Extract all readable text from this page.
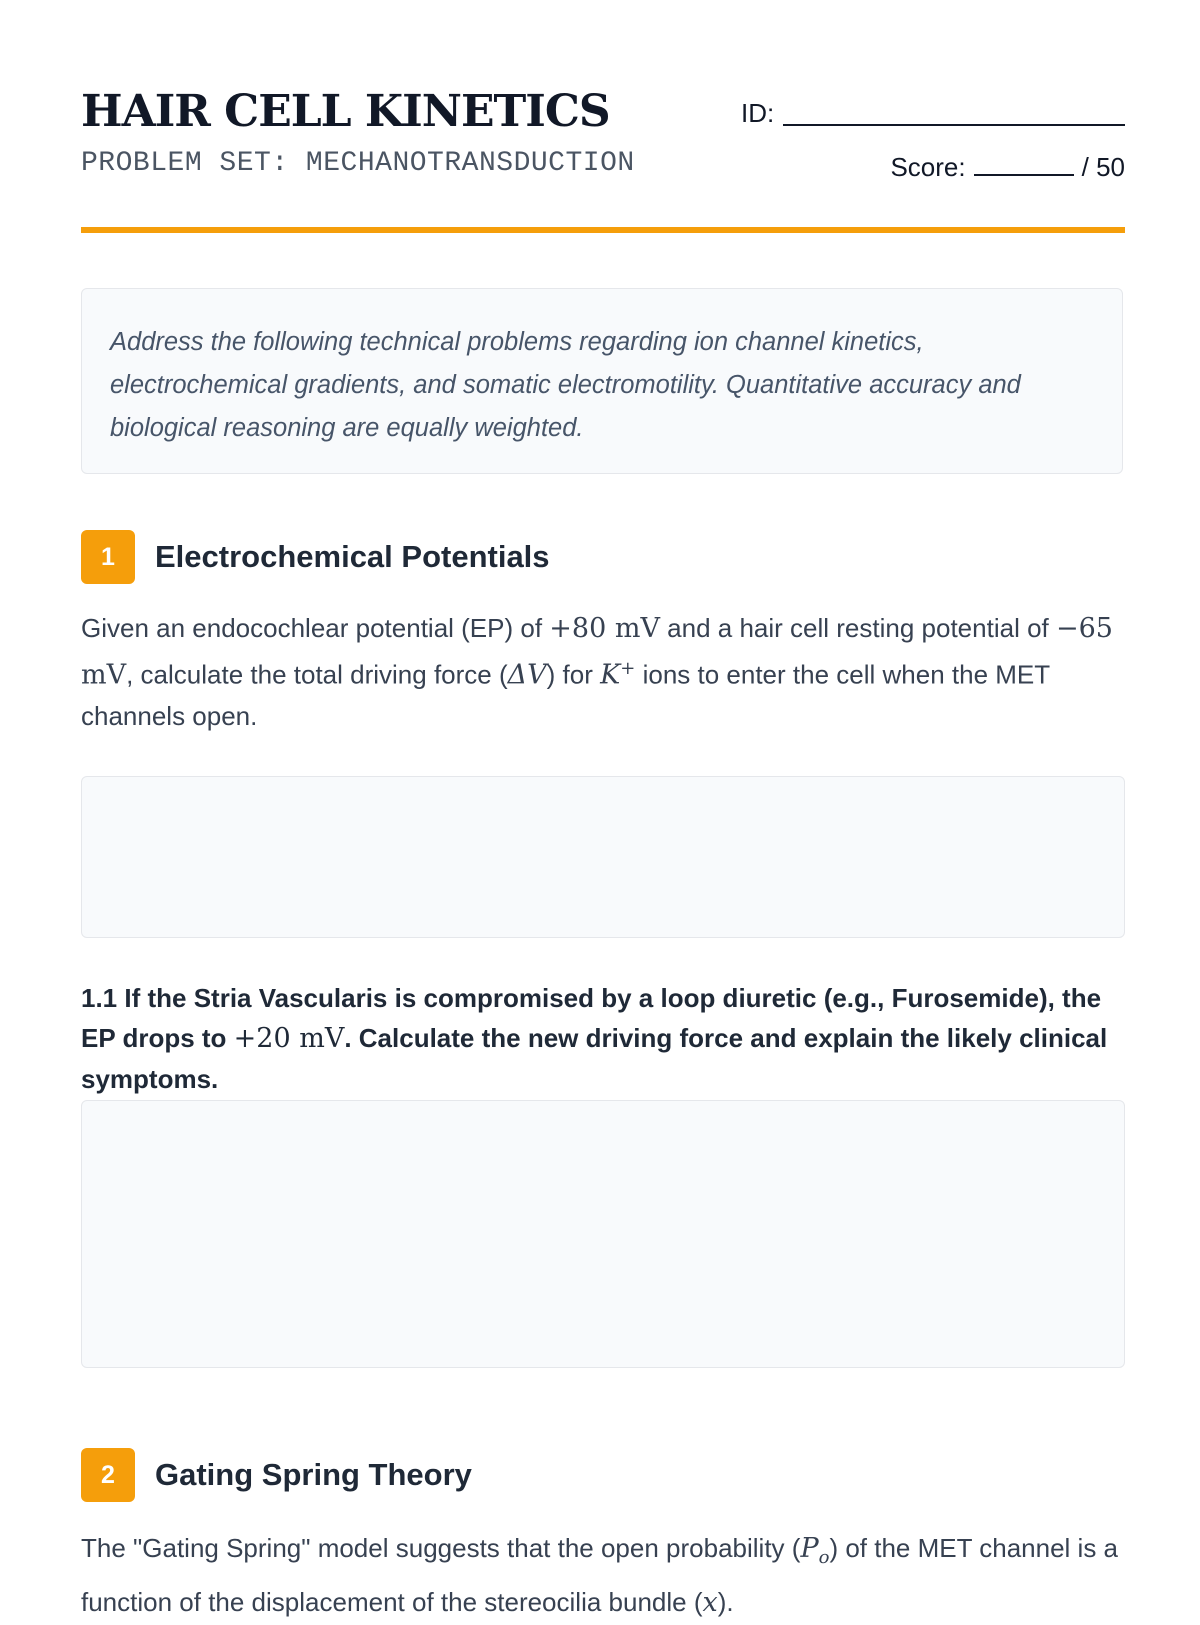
HAIR CELL KINETICS
PROBLEM SET: MECHANOTRANSDUCTION
ID:
Score:	/ 50
Address the following technical problems regarding ion channel kinetics, electrochemical gradients, and somatic electromotility. Quantitative accuracy and biological reasoning are equally weighted.
1	Electrochemical Potentials

Given an endocochlear potential (EP) of +80 mV and a hair cell resting potential of −65 mV, calculate the total driving force (ΔV) for K+ ions to enter the cell when the MET channels open.

1.1 If the Stria Vascularis is compromised by a loop diuretic (e.g., Furosemide), the EP drops to +20 mV. Calculate the new driving force and explain the likely clinical symptoms.

2	Gating Spring Theory

The "Gating Spring" model suggests that the open probability $(P_o)$ of the MET channel is a function of the displacement of the stereocilia bundle (x).
